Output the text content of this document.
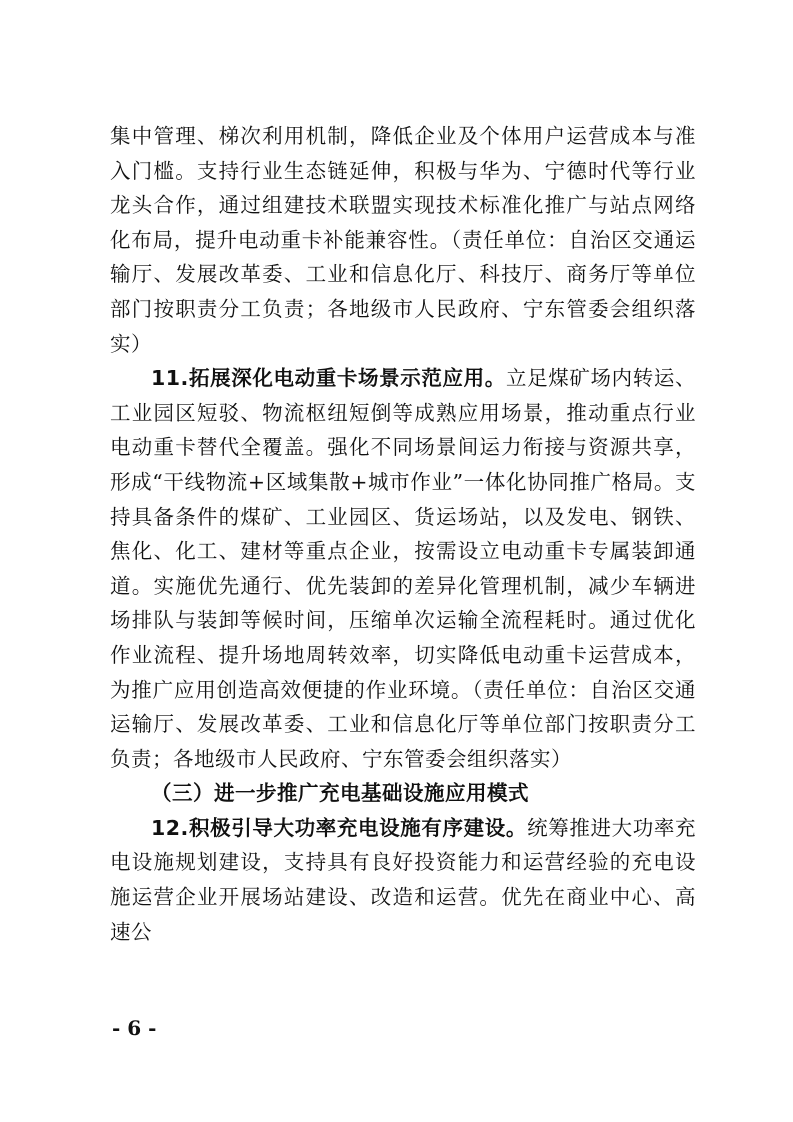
集中管理、梯次利用机制，降低企业及个体用户运营成本与准入门槛。支持行业生态链延伸，积极与华为、宁德时代等行业龙头合作，通过组建技术联盟实现技术标准化推广与站点网络化布局，提升电动重卡补能兼容性。（责任单位：自治区交通运输厅、发展改革委、工业和信息化厅、科技厅、商务厅等单位部门按职责分工负责；各地级市人民政府、宁东管委会组织落实）

11.拓展深化电动重卡场景示范应用。立足煤矿场内转运、工业园区短驳、物流枢纽短倒等成熟应用场景，推动重点行业电动重卡替代全覆盖。强化不同场景间运力衔接与资源共享，形成“干线物流+区域集散+城市作业”一体化协同推广格局。支持具备条件的煤矿、工业园区、货运场站，以及发电、钢铁、焦化、化工、建材等重点企业，按需设立电动重卡专属装卸通道。实施优先通行、优先装卸的差异化管理机制，减少车辆进场排队与装卸等候时间，压缩单次运输全流程耗时。通过优化作业流程、提升场地周转效率，切实降低电动重卡运营成本，为推广应用创造高效便捷的作业环境。（责任单位：自治区交通运输厅、发展改革委、工业和信息化厅等单位部门按职责分工负责；各地级市人民政府、宁东管委会组织落实）

（三）进一步推广充电基础设施应用模式

12.积极引导大功率充电设施有序建设。统筹推进大功率充电设施规划建设，支持具有良好投资能力和运营经验的充电设施运营企业开展场站建设、改造和运营。优先在商业中心、高速公

- 6 -
